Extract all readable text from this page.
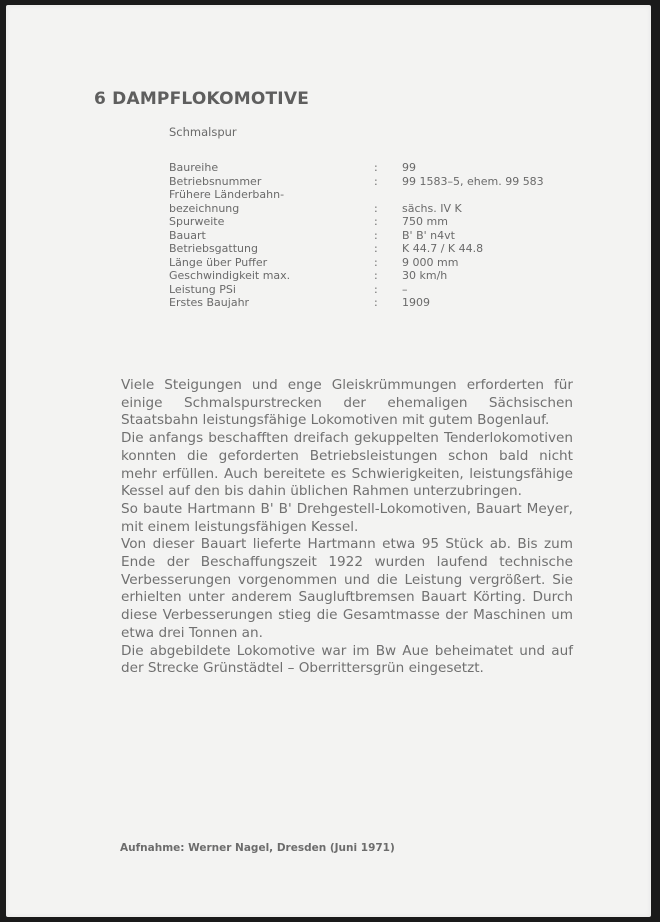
6 DAMPFLOKOMOTIVE
Schmalspur
Baureihe	:	99
Betriebsnummer	:	99 1583–5, ehem. 99 583
Frühere Länderbahn-
bezeichnung	:	sächs. IV K
Spurweite	:	750 mm
Bauart	:	B' B' n4vt
Betriebsgattung	:	K 44.7 / K 44.8
Länge über Puffer	:	9 000 mm
Geschwindigkeit max.	:	30 km/h
Leistung PSi	:	–
Erstes Baujahr	:	1909

Viele Steigungen und enge Gleiskrümmungen erforderten für einige Schmalspurstrecken der ehemaligen Sächsischen Staatsbahn leistungsfähige Lokomotiven mit gutem Bogenlauf.

Die anfangs beschafften dreifach gekuppelten Tenderlokomotiven konnten die geforderten Betriebsleistungen schon bald nicht mehr erfüllen. Auch bereitete es Schwierigkeiten, leistungsfähige Kessel auf den bis dahin üblichen Rahmen unterzubringen.

So baute Hartmann B' B' Drehgestell-Lokomotiven, Bauart Meyer, mit einem leistungsfähigen Kessel.

Von dieser Bauart lieferte Hartmann etwa 95 Stück ab. Bis zum Ende der Beschaffungszeit 1922 wurden laufend technische Verbesserungen vorgenommen und die Leistung vergrößert. Sie erhielten unter anderem Saugluftbremsen Bauart Körting. Durch diese Verbesserungen stieg die Gesamtmasse der Maschinen um etwa drei Tonnen an.

Die abgebildete Lokomotive war im Bw Aue beheimatet und auf der Strecke Grünstädtel – Oberrittersgrün eingesetzt.

Aufnahme: Werner Nagel, Dresden (Juni 1971)
